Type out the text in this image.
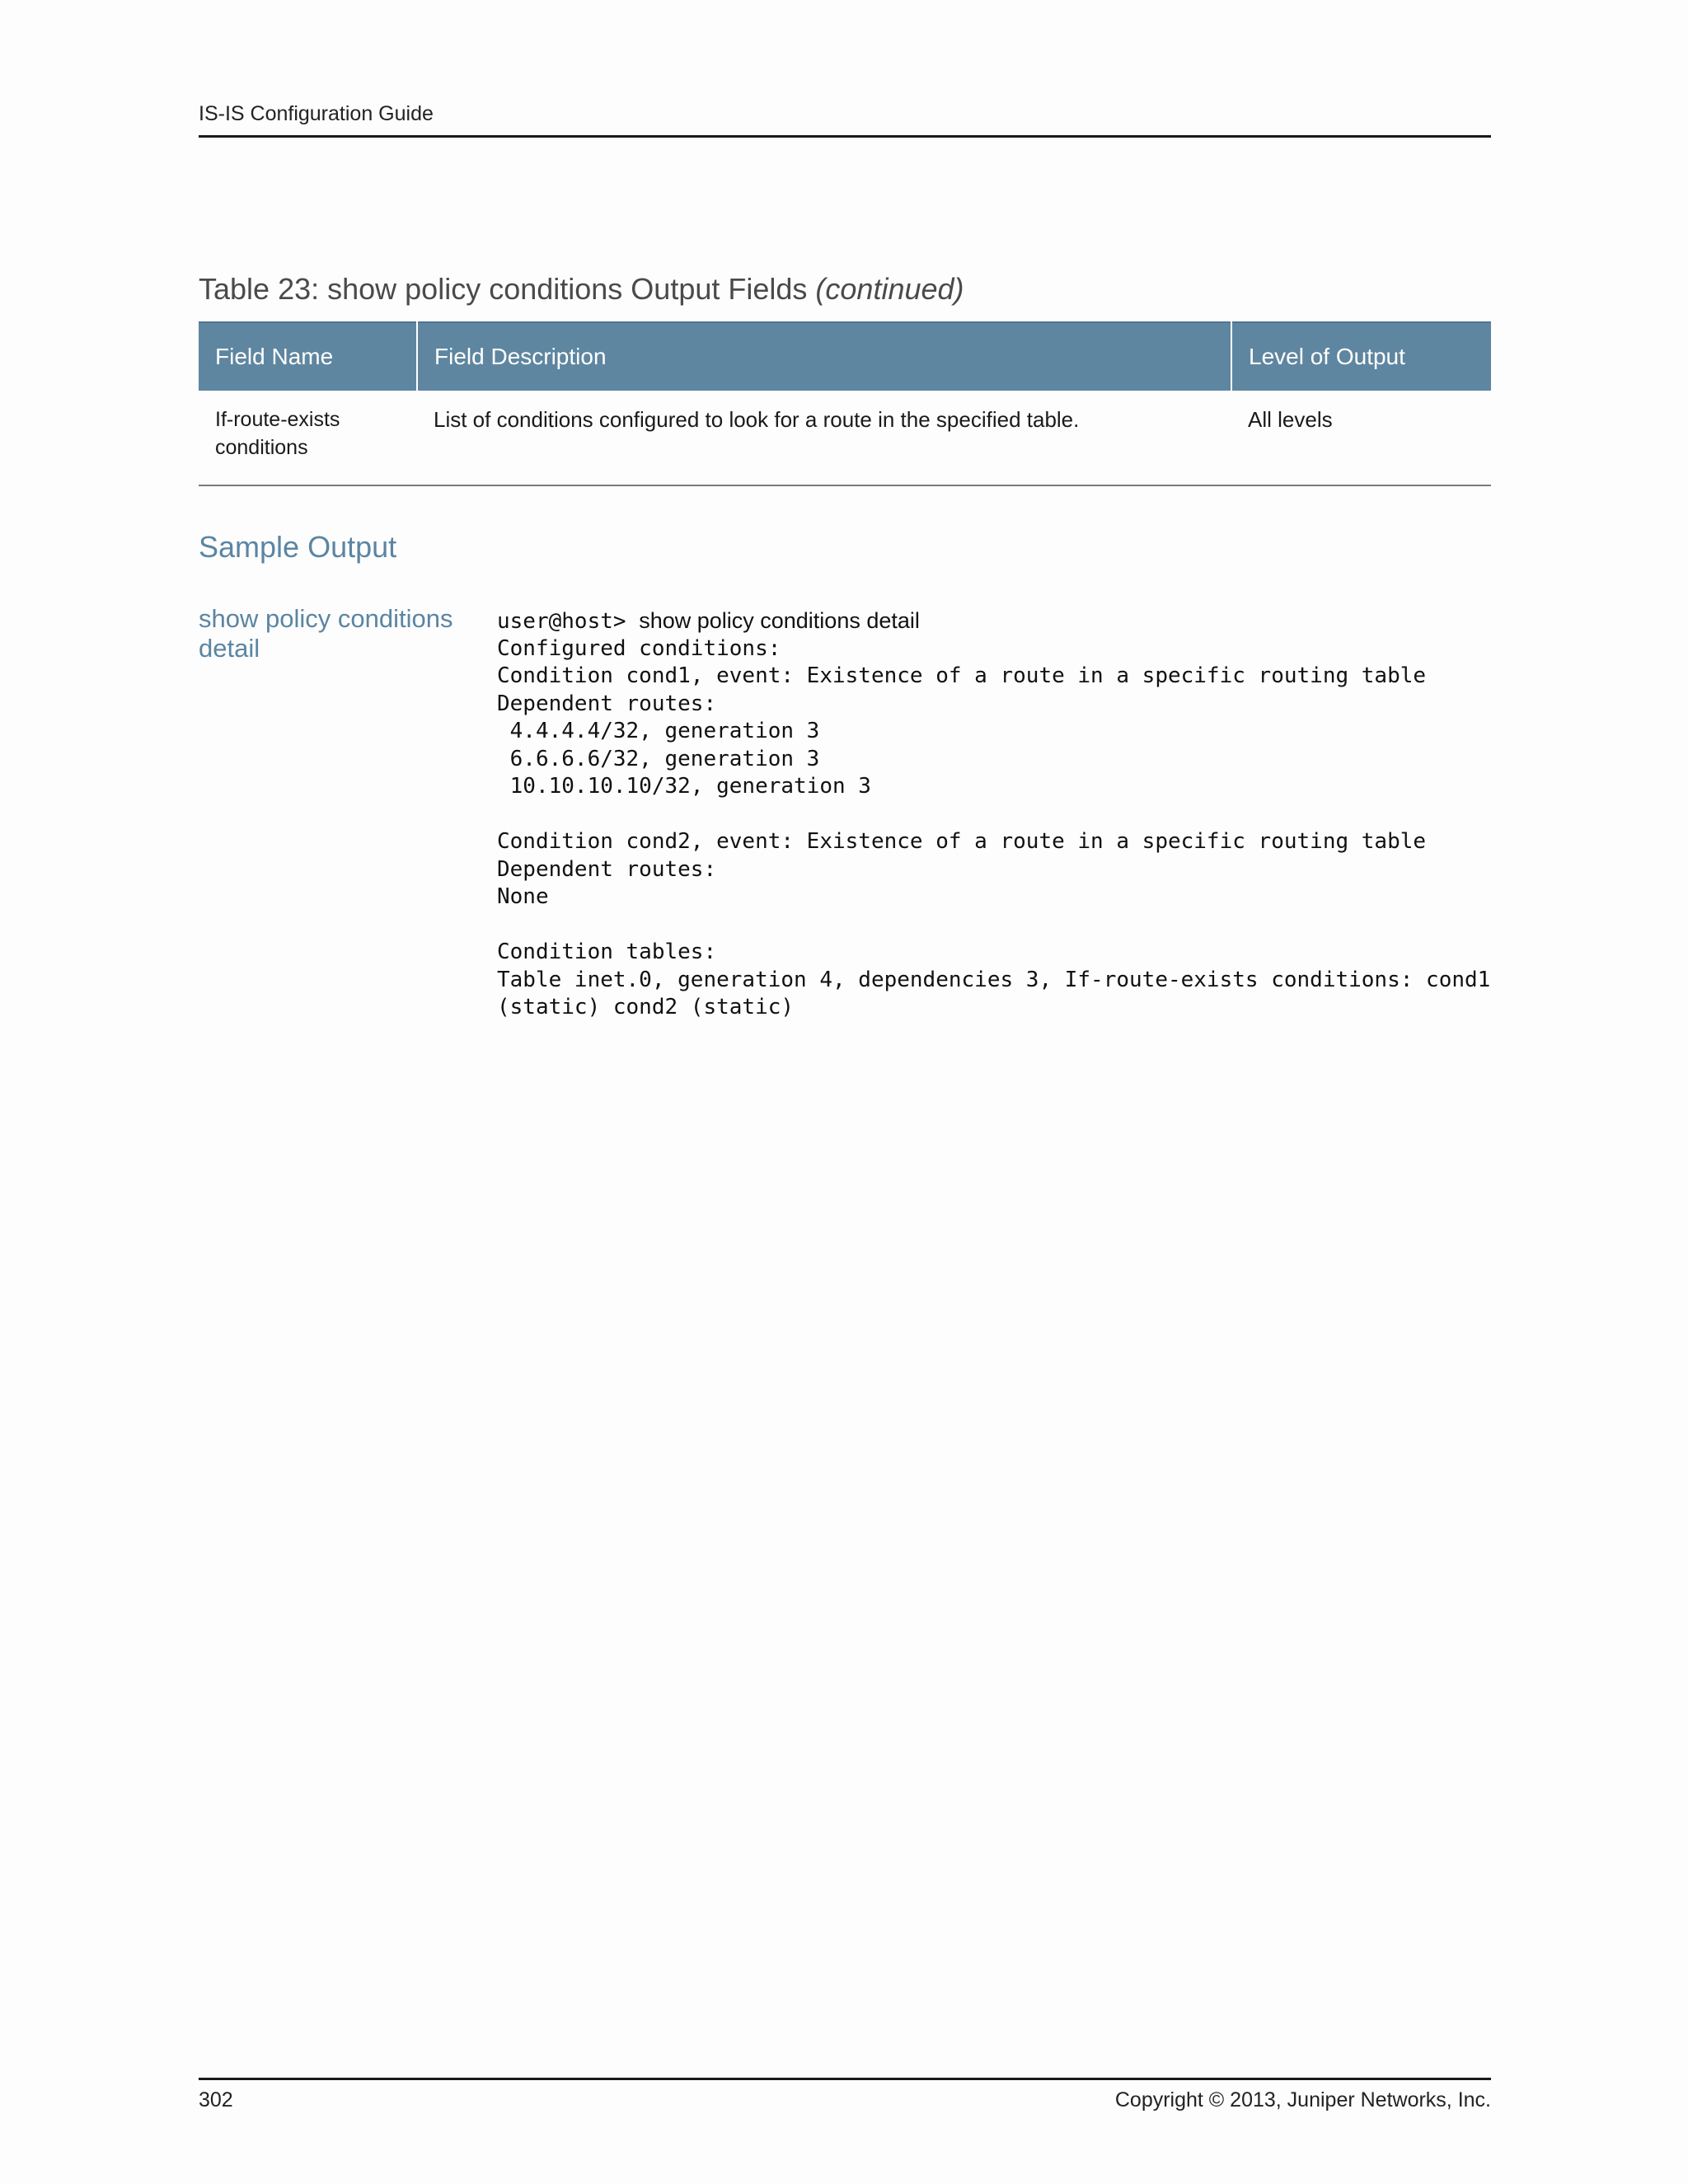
IS-IS Configuration Guide
Table 23: show policy conditions Output Fields (continued)
Field Name	Field Description	Level of Output
If-route-exists conditions	List of conditions configured to look for a route in the specified table.	All levels
Sample Output
show policy conditions detail
user@host> show policy conditions detail
Configured conditions:
Condition cond1, event: Existence of a route in a specific routing table
Dependent routes:
4.4.4.4/32, generation 3
6.6.6.6/32, generation 3
10.10.10.10/32, generation 3
Condition cond2, event: Existence of a route in a specific routing table
Dependent routes:
None
Condition tables:
Table inet.0, generation 4, dependencies 3, If-route-exists conditions: cond1
(static) cond2 (static)
302	Copyright © 2013, Juniper Networks, Inc.
